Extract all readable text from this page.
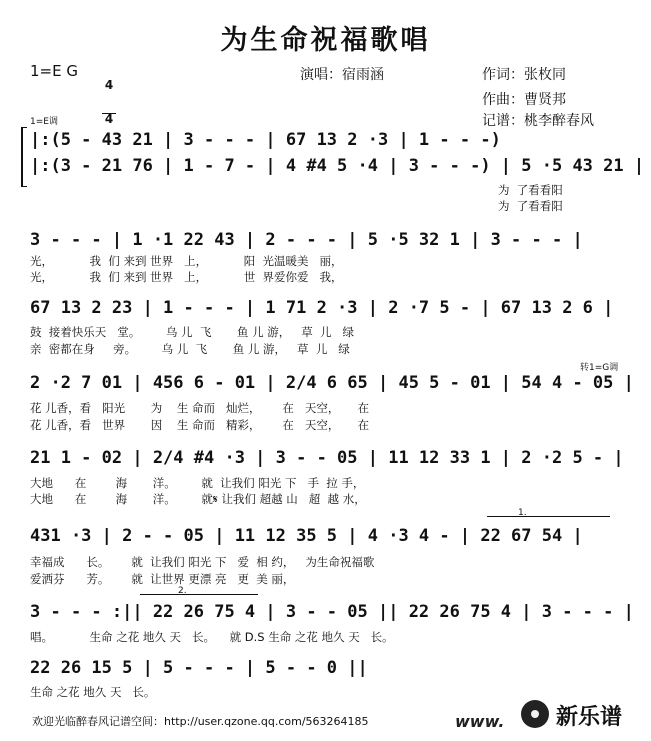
为生命祝福歌唱
1=E G

4

4

演唱：宿雨涵	作词：张枚同
作曲：曹贤邦
记谱：桃李醉春风
1=E调
|:(5 - 43 21 | 3 - - - | 67 13 2 ·3 | 1 - - -)
|:(3 - 21 76 | 1 - 7 - | 4 #4 5 ·4 | 3 - - -) | 5 ·5 43 21 |
为  了看看阳
为  了看看阳
3 - - - | 1 ·1 22 43 | 2 - - - | 5 ·5 32 1 | 3 - - - |
光，          我  们 来到 世界   上，          阳  光温暖美   丽，
光，          我  们 来到 世界   上，          世  界爱你爱   我，
67 13 2 23 | 1 - - - | 1 71 2 ·3 | 2 ·7 5 - | 67 13 2 6 |
鼓  接着快乐天   堂。       乌 儿  飞       鱼 儿 游，   草  儿   绿
亲  密都在身     旁。       乌 儿  飞       鱼 儿 游，   草  儿   绿
转1=G调
2 ·2 7 01 | 456 6 - 01 | 2/4 6 65 | 45 5 - 01 | 54 4 - 05 |
花 儿香，看   阳光       为    生 命而   灿烂，      在   天空，     在
花 儿香，看   世界       因    生 命而   精彩，      在   天空，     在
21 1 - 02 | 2/4 #4 ·3 | 3 - - 05 | 11 12 33 1 | 2 ·2 5 - |
大地      在        海       洋。       就  让我们 阳光 下   手  拉 手，
大地      在        海       洋。       就𝄋 让我们 超越 山   超  越 水，
1.
431 ·3 | 2 - - 05 | 11 12 35 5 | 4 ·3 4 - | 22 67 54 |
幸福成      长。      就  让我们 阳光 下   爱  相 约，   为生命祝福歌
爱洒芬      芳。      就  让世界 更漂 亮   更  美 丽，
2.
3 - - - :|| 22 26 75 4 | 3 - - 05 || 22 26 75 4 | 3 - - - |
唱。          生命 之花 地久 天   长。    就 D.S 生命 之花 地久 天   长。
22 26 15 5 | 5 - - - | 5 - - 0 ||
生命 之花 地久 天   长。
欢迎光临醉春风记谱空间：http://user.qzone.qq.com/563264185	www. 新乐谱
